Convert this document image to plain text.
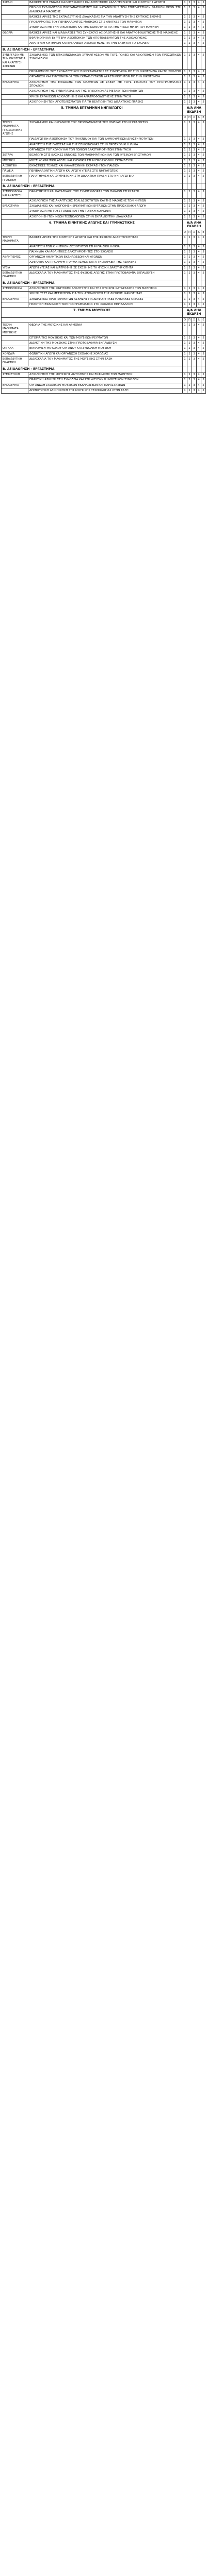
ΣΧΕΔΙΟ	ΒΑΣΙΚΈΣ ΤΗΣ ΕΝΙΑΙΑΣ ΚΑΛΛΙΤΕΧΝΙΚΗΣ ΚΑΙ ΑΙΣΘΗΤΙΚΗΣ ΚΑΛΛΙΤΕΧΝΙΚΗΣ ΚΑΙ ΚΙΝΗΤΙΚΗΣ ΑΓΩΓΗΣ	1	2	3	4	5
	ΠΡΟΪΟΝ ΕΚΔΗΛΩΣΕΩΝ ΠΡΟΣΑΝΑΤΟΛΙΣΜΟΥ ΚΑΙ ΚΑΤΑΝΟΗΣΗΣ ΤΩΝ ΕΠΙΤΕΛΕΣΤΙΚΩΝ ΒΑΣΙΚΩΝ ΟΡΩΝ ΣΤΗ ΔΙΑΔΙΚΑΣΙΑ ΜΑΘΗΣΗΣ	1	2	3	4	5
	ΒΑΣΙΚΕΣ ΑΡΧΕΣ ΤΗΣ ΕΚΠΑΙΔΕΥΤΙΚΗΣ ΔΙΑΔΙΚΑΣΙΑΣ ΓΙΑ ΤΗΝ ΑΝΑΠΤΥΞΗ ΤΗΣ ΚΡΙΤΙΚΗΣ ΣΚΕΨΗΣ	1	2	3	4	5
	ΠΡΟΣΑΡΜΟΓΕΣ ΤΟΥ ΠΕΡΙΒΑΛΛΟΝΤΟΣ ΜΑΘΗΣΗΣ ΣΤΙΣ ΑΝΑΓΚΕΣ ΤΩΝ ΜΑΘΗΤΩΝ	1	2	3	4	5
	ΣΥΝΕΡΓΑΣΙΑ ΜΕ ΤΗΝ ΟΙΚΟΓΕΝΕΙΑ ΚΑΙ ΤΗΝ ΚΟΙΝΟΤΗΤΑ ΓΙΑ ΤΗΝ ΥΠΟΣΤΗΡΙΞΗ ΤΟΥ ΜΑΘΗΤΗ	1	2	3	4	5
ΘΕΩΡΙΑ	ΒΑΣΙΚΕΣ ΑΡΧΕΣ ΚΑΙ ΔΙΑΔΙΚΑΣΙΕΣ ΤΗΣ ΣΥΝΕΧΟΥΣ ΑΞΙΟΛΟΓΗΣΗΣ ΚΑΙ ΑΝΑΤΡΟΦΟΔΟΤΗΣΗΣ ΤΗΣ ΜΑΘΗΣΗΣ	1	2	3	4	5
	ΕΦΑΡΜΟΓΗ ΚΑΙ ΕΥΡΥΤΕΡΗ ΑΞΙΟΠΟΙΗΣΗ ΤΩΝ ΑΠΟΤΕΛΕΣΜΑΤΩΝ ΤΗΣ ΑΞΙΟΛΟΓΗΣΗΣ	1	2	3	4	5
	ΑΝΑΠΤΥΞΗ ΚΡΙΤΗΡΙΩΝ ΚΑΙ ΕΡΓΑΛΕΙΩΝ ΑΞΙΟΛΟΓΗΣΗΣ ΓΙΑ ΤΗΝ ΤΑΞΗ ΚΑΙ ΤΟ ΣΧΟΛΕΙΟ	1	2	3	4	5
Β. ΑΞΙΟΛΟΓΗΣΗ - ΕΡΓΑΣΤΗΡΙΑ						
ΣΥΝΕΡΓΑΣΙΑ ΜΕ ΤΗΝ ΟΙΚΟΓΕΝΕΙΑ ΚΑΙ ΑΝΑΠΤΥΞΗ ΣΧΕΣΕΩΝ	ΣΧΕΔΙΑΣΜΟΣ ΤΩΝ ΕΠΙΚΟΙΝΩΝΙΑΚΩΝ ΣΥΝΑΝΤΗΣΕΩΝ ΜΕ ΤΟΥΣ ΓΟΝΕΙΣ ΚΑΙ ΑΞΙΟΠΟΙΗΣΗ ΤΩΝ ΠΡΟΣΩΠΙΚΩΝ ΣΥΝΟΜΙΛΙΩΝ	1	2	3	4	5
	ΠΡΟΣΑΡΜΟΓΗ ΤΟΥ ΕΚΠΑΙΔΕΥΤΙΚΟΥ ΠΡΟΓΡΑΜΜΑΤΟΣ ΣΕ ΣΥΝΕΡΓΑΣΙΑ ΜΕ ΤΗΝ ΟΙΚΟΓΕΝΕΙΑ ΚΑΙ ΤΟ ΣΧΟΛΕΙΟ	1	2	3	4	5
	ΟΡΓΑΝΩΣΗ ΚΑΙ ΣΥΝΤΟΝΙΣΜΟΣ ΤΩΝ ΕΚΠΑΙΔΕΥΤΙΚΩΝ ΔΡΑΣΤΗΡΙΟΤΗΤΩΝ ΜΕ ΤΗΝ ΟΙΚΟΓΕΝΕΙΑ	1	2	3	4	5
ΕΡΓΑΣΤΗΡΙΑ	ΑΞΙΟΛΟΓΗΣΗ ΤΗΣ ΕΠΙΔΟΣΗΣ ΤΩΝ ΜΑΘΗΤΩΝ ΣΕ ΣΧΕΣΗ ΜΕ ΤΟΥΣ ΣΤΟΧΟΥΣ ΤΟΥ ΠΡΟΓΡΑΜΜΑΤΟΣ ΣΠΟΥΔΩΝ	1	2	3	4	5
	ΑΞΙΟΛΟΓΗΣΗ ΤΗΣ ΣΥΝΕΡΓΑΣΙΑΣ ΚΑΙ ΤΗΣ ΕΠΙΚΟΙΝΩΝΙΑΣ ΜΕΤΑΞΥ ΤΩΝ ΜΑΘΗΤΩΝ	1	2	3	4	5
	ΧΡΗΣΗ ΕΡΓΑΛΕΙΩΝ ΑΞΙΟΛΟΓΗΣΗΣ ΚΑΙ ΑΝΑΤΡΟΦΟΔΟΤΗΣΗΣ ΣΤΗΝ ΤΑΞΗ	1	2	3	4	5
	ΑΞΙΟΠΟΙΗΣΗ ΤΩΝ ΑΠΟΤΕΛΕΣΜΑΤΩΝ ΓΙΑ ΤΗ ΒΕΛΤΙΩΣΗ ΤΗΣ ΔΙΔΑΚΤΙΚΗΣ ΠΡΑΞΗΣ	1	2	3	4	5
5. ΤΜΗΜΑ ΕΠΤΑΜΗΝΗ ΝΗΠΙΑΓΩΓΟΙ		Α/Α ΛΗΛ ΕΚΔΡΣΗ				
		Ο	Π	Σ	Δ	Ε
ΤΕΧΝΗ ΜΑΘΗΜΑΤΑ ΠΡΟΣΧΟΛΙΚΗΣ ΑΓΩΓΗΣ	ΣΧΕΔΙΑΣΜΟΣ ΚΑΙ ΟΡΓΑΝΩΣΗ ΤΟΥ ΠΡΟΓΡΑΜΜΑΤΟΣ ΤΗΣ ΗΜΕΡΑΣ ΣΤΟ ΝΗΠΙΑΓΩΓΕΙΟ	1	2	3	4	5
	ΠΑΙΔΑΓΩΓΙΚΗ ΑΞΙΟΠΟΙΗΣΗ ΤΟΥ ΠΑΙΧΝΙΔΙΟΥ ΚΑΙ ΤΩΝ ΔΗΜΙΟΥΡΓΙΚΩΝ ΔΡΑΣΤΗΡΙΟΤΗΤΩΝ	1	2	3	4	5
	ΑΝΑΠΤΥΞΗ ΤΗΣ ΓΛΩΣΣΑΣ ΚΑΙ ΤΗΣ ΕΠΙΚΟΙΝΩΝΙΑΣ ΣΤΗΝ ΠΡΟΣΧΟΛΙΚΗ ΗΛΙΚΙΑ	1	2	3	4	5
	ΟΡΓΑΝΩΣΗ ΤΟΥ ΧΩΡΟΥ ΚΑΙ ΤΩΝ ΓΩΝΙΩΝ ΔΡΑΣΤΗΡΙΟΤΗΤΩΝ ΣΤΗΝ ΤΑΞΗ	1	2	3	4	5
ΣΕΤΑΡΑ	ΕΙΣΑΓΩΓΗ ΣΤΙΣ ΒΑΣΙΚΕΣ ΕΝΝΟΙΕΣ ΤΩΝ ΜΑΘΗΜΑΤΙΚΩΝ ΚΑΙ ΤΩΝ ΦΥΣΙΚΩΝ ΕΠΙΣΤΗΜΩΝ	1	2	3	4	5
ΜΟΥΣΙΚΗ	ΜΟΥΣΙΚΟΚΙΝΗΤΙΚΗ ΑΓΩΓΗ ΚΑΙ ΡΥΘΜΙΚΗ ΣΤΗΝ ΠΡΟΣΧΟΛΙΚΗ ΕΚΠΑΙΔΕΥΣΗ	1	2	3	4	5
ΑΙΣΘΗΤΙΚΗ	ΕΙΚΑΣΤΙΚΕΣ ΤΕΧΝΕΣ ΚΑΙ ΚΑΛΛΙΤΕΧΝΙΚΗ ΕΚΦΡΑΣΗ ΤΩΝ ΠΑΙΔΙΩΝ	1	2	3	4	5
ΠΑΙΔΕΙΑ	ΠΕΡΙΒΑΛΛΟΝΤΙΚΗ ΑΓΩΓΗ ΚΑΙ ΑΓΩΓΗ ΥΓΕΙΑΣ ΣΤΟ ΝΗΠΙΑΓΩΓΕΙΟ	1	2	3	4	5
ΕΚΠΑΙΔΕΥΤΙΚΗ ΠΡΑΚΤΙΚΗ	ΠΑΡΑΤΗΡΗΣΗ ΚΑΙ ΣΥΜΜΕΤΟΧΗ ΣΤΗ ΔΙΔΑΚΤΙΚΗ ΠΡΑΞΗ ΣΤΟ ΝΗΠΙΑΓΩΓΕΙΟ	1	2	3	4	5
Β. ΑΞΙΟΛΟΓΗΣΗ - ΕΡΓΑΣΤΗΡΙΑ						
ΣΥΜΠΕΡΙΦΟΡΑ ΚΑΙ ΑΝΑΠΤΥΞΗ	ΠΑΡΑΤΗΡΗΣΗ ΚΑΙ ΚΑΤΑΓΡΑΦΗ ΤΗΣ ΣΥΜΠΕΡΙΦΟΡΑΣ ΤΩΝ ΠΑΙΔΙΩΝ ΣΤΗΝ ΤΑΞΗ	1	2	3	4	5
	ΑΞΙΟΛΟΓΗΣΗ ΤΗΣ ΑΝΑΠΤΥΞΗΣ ΤΩΝ ΔΕΞΙΟΤΗΤΩΝ ΚΑΙ ΤΗΣ ΜΑΘΗΣΗΣ ΤΩΝ ΝΗΠΙΩΝ	1	2	3	4	5
ΕΡΓΑΣΤΗΡΙΑ	ΣΧΕΔΙΑΣΜΟΣ ΚΑΙ ΥΛΟΠΟΙΗΣΗ ΕΡΕΥΝΗΤΙΚΩΝ ΕΡΓΑΣΙΩΝ ΣΤΗΝ ΠΡΟΣΧΟΛΙΚΗ ΑΓΩΓΗ	1	2	3	4	5
	ΣΥΝΕΡΓΑΣΙΑ ΜΕ ΤΟΥΣ ΓΟΝΕΙΣ ΚΑΙ ΤΗΝ ΤΟΠΙΚΗ ΚΟΙΝΩΝΙΑ	1	2	3	4	5
	ΑΞΙΟΠΟΙΗΣΗ ΤΩΝ ΝΕΩΝ ΤΕΧΝΟΛΟΓΙΩΝ ΣΤΗΝ ΕΚΠΑΙΔΕΥΤΙΚΗ ΔΙΑΔΙΚΑΣΙΑ	1	2	3	4	5
6. ΤΜΗΜΑ ΚΙΝΗΤΙΚΗΣ ΑΓΩΓΗΣ ΚΑΙ ΓΥΜΝΑΣΤΙΚΗΣ		Α/Α ΛΗΛ ΕΚΔΡΣΗ				
		Ο	Π	Σ	Δ	Ε
ΤΕΧΝΗ ΜΑΘΗΜΑΤΑ	ΒΑΣΙΚΕΣ ΑΡΧΕΣ ΤΗΣ ΚΙΝΗΤΙΚΗΣ ΑΓΩΓΗΣ ΚΑΙ ΤΗΣ ΦΥΣΙΚΗΣ ΔΡΑΣΤΗΡΙΟΤΗΤΑΣ	1	2	3	4	5
	ΑΝΑΠΤΥΞΗ ΤΩΝ ΚΙΝΗΤΙΚΩΝ ΔΕΞΙΟΤΗΤΩΝ ΣΤΗΝ ΠΑΙΔΙΚΗ ΗΛΙΚΙΑ	1	2	3	4	5
	ΠΑΙΧΝΙΔΙΑ ΚΑΙ ΑΘΛΗΤΙΚΕΣ ΔΡΑΣΤΗΡΙΟΤΗΤΕΣ ΣΤΟ ΣΧΟΛΕΙΟ	1	2	3	4	5
ΑΘΛΗΤΙΣΜΟΣ	ΟΡΓΑΝΩΣΗ ΑΘΛΗΤΙΚΩΝ ΕΚΔΗΛΩΣΕΩΝ ΚΑΙ ΑΓΩΝΩΝ	1	2	3	4	5
	ΑΣΦΑΛΕΙΑ ΚΑΙ ΠΡΟΛΗΨΗ ΤΡΑΥΜΑΤΙΣΜΩΝ ΚΑΤΑ ΤΗ ΔΙΑΡΚΕΙΑ ΤΗΣ ΑΣΚΗΣΗΣ	1	2	3	4	5
ΥΓΕΙΑ	ΑΓΩΓΗ ΥΓΕΙΑΣ ΚΑΙ ΔΙΑΤΡΟΦΗΣ ΣΕ ΣΧΕΣΗ ΜΕ ΤΗ ΦΥΣΙΚΗ ΔΡΑΣΤΗΡΙΟΤΗΤΑ	1	2	3	4	5
ΕΚΠΑΙΔΕΥΤΙΚΗ ΠΡΑΚΤΙΚΗ	ΔΙΔΑΣΚΑΛΙΑ ΤΟΥ ΜΑΘΗΜΑΤΟΣ ΤΗΣ ΦΥΣΙΚΗΣ ΑΓΩΓΗΣ ΣΤΗΝ ΠΡΩΤΟΒΑΘΜΙΑ ΕΚΠΑΙΔΕΥΣΗ	1	2	3	4	5
Β. ΑΞΙΟΛΟΓΗΣΗ - ΕΡΓΑΣΤΗΡΙΑ						
ΣΥΜΠΕΡΙΦΟΡΑ	ΑΞΙΟΛΟΓΗΣΗ ΤΗΣ ΚΙΝΗΤΙΚΗΣ ΑΝΑΠΤΥΞΗΣ ΚΑΙ ΤΗΣ ΦΥΣΙΚΗΣ ΚΑΤΑΣΤΑΣΗΣ ΤΩΝ ΜΑΘΗΤΩΝ	1	2	3	4	5
	ΧΡΗΣΗ ΤΕΣΤ ΚΑΙ ΜΕΤΡΗΣΕΩΝ ΓΙΑ ΤΗΝ ΑΞΙΟΛΟΓΗΣΗ ΤΗΣ ΦΥΣΙΚΗΣ ΙΚΑΝΟΤΗΤΑΣ	1	2	3	4	5
ΕΡΓΑΣΤΗΡΙΑ	ΣΧΕΔΙΑΣΜΟΣ ΠΡΟΓΡΑΜΜΑΤΩΝ ΑΣΚΗΣΗΣ ΓΙΑ ΔΙΑΦΟΡΕΤΙΚΕΣ ΗΛΙΚΙΑΚΕΣ ΟΜΑΔΕΣ	1	2	3	4	5
	ΠΡΑΚΤΙΚΗ ΕΦΑΡΜΟΓΗ ΤΩΝ ΠΡΟΓΡΑΜΜΑΤΩΝ ΣΤΟ ΣΧΟΛΙΚΟ ΠΕΡΙΒΑΛΛΟΝ	1	2	3	4	5
7. ΤΜΗΜΑ ΜΟΥΣΙΚΗΣ		Α/Α ΛΗΛ ΕΚΔΡΣΗ				
		Ο	Π	Σ	Δ	Ε
ΤΕΧΝΗ ΜΑΘΗΜΑΤΑ ΜΟΥΣΙΚΗΣ	ΘΕΩΡΙΑ ΤΗΣ ΜΟΥΣΙΚΗΣ ΚΑΙ ΑΡΜΟΝΙΑ	1	2	3	4	5
	ΙΣΤΟΡΙΑ ΤΗΣ ΜΟΥΣΙΚΗΣ ΚΑΙ ΤΩΝ ΜΟΥΣΙΚΩΝ ΡΕΥΜΑΤΩΝ	1	2	3	4	5
	ΔΙΔΑΚΤΙΚΗ ΤΗΣ ΜΟΥΣΙΚΗΣ ΣΤΗΝ ΠΡΩΤΟΒΑΘΜΙΑ ΕΚΠΑΙΔΕΥΣΗ	1	2	3	4	5
ΟΡΓΑΝΑ	ΕΚΜΑΘΗΣΗ ΜΟΥΣΙΚΟΥ ΟΡΓΑΝΟΥ ΚΑΙ ΣΥΝΟΛΙΚΗ ΜΟΥΣΙΚΗ	1	2	3	4	5
ΧΟΡΩΔΙΑ	ΦΩΝΗΤΙΚΗ ΑΓΩΓΗ ΚΑΙ ΟΡΓΑΝΩΣΗ ΣΧΟΛΙΚΗΣ ΧΟΡΩΔΙΑΣ	1	2	3	4	5
ΕΚΠΑΙΔΕΥΤΙΚΗ ΠΡΑΚΤΙΚΗ	ΔΙΔΑΣΚΑΛΙΑ ΤΟΥ ΜΑΘΗΜΑΤΟΣ ΤΗΣ ΜΟΥΣΙΚΗΣ ΣΤΗΝ ΤΑΞΗ	1	2	3	4	5
Β. ΑΞΙΟΛΟΓΗΣΗ - ΕΡΓΑΣΤΗΡΙΑ						
ΣΥΜΜΕΤΟΧΗ	ΑΞΙΟΛΟΓΗΣΗ ΤΗΣ ΜΟΥΣΙΚΗΣ ΑΝΤΙΛΗΨΗΣ ΚΑΙ ΕΚΦΡΑΣΗΣ ΤΩΝ ΜΑΘΗΤΩΝ	1	2	3	4	5
	ΠΡΑΚΤΙΚΗ ΑΣΚΗΣΗ ΣΤΗ ΣΥΝΟΔΕΙΑ ΚΑΙ ΣΤΗ ΔΙΕΥΘΥΝΣΗ ΜΟΥΣΙΚΩΝ ΣΥΝΟΛΩΝ	1	2	3	4	5
ΕΡΓΑΣΤΗΡΙΑ	ΟΡΓΑΝΩΣΗ ΣΧΟΛΙΚΩΝ ΜΟΥΣΙΚΩΝ ΕΚΔΗΛΩΣΕΩΝ ΚΑΙ ΠΑΡΑΣΤΑΣΕΩΝ	1	2	3	4	5
	ΔΗΜΙΟΥΡΓΙΚΗ ΑΞΙΟΠΟΙΗΣΗ ΤΗΣ ΜΟΥΣΙΚΗΣ ΤΕΧΝΟΛΟΓΙΑΣ ΣΤΗΝ ΤΑΞΗ	1	2	3	4	5
